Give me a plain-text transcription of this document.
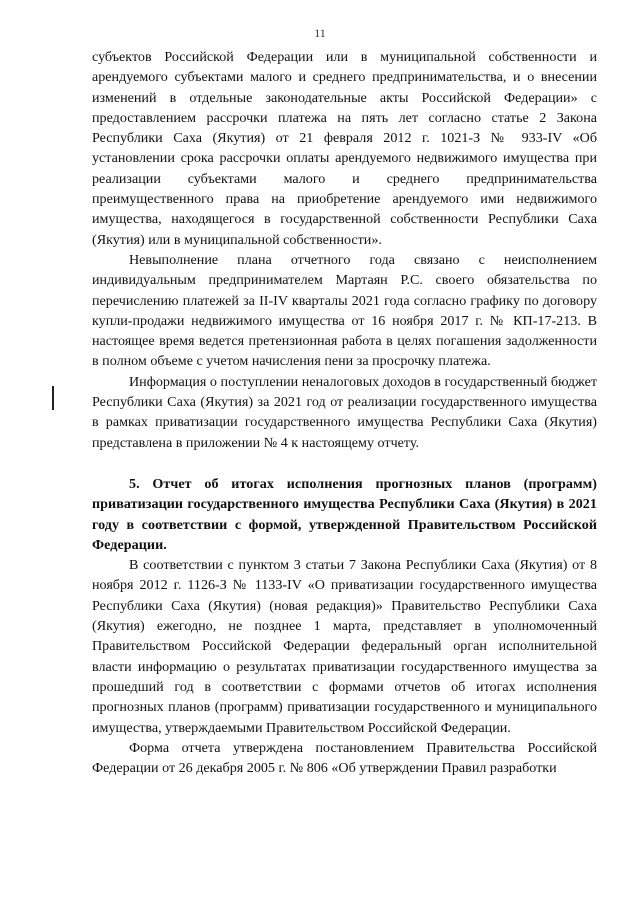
11

субъектов Российской Федерации или в муниципальной собственности и арендуемого субъектами малого и среднего предпринимательства, и о внесении изменений в отдельные законодательные акты Российской Федерации» с предоставлением рассрочки платежа на пять лет согласно статье 2 Закона Республики Саха (Якутия) от 21 февраля 2012 г. 1021-З № 933-IV «Об установлении срока рассрочки оплаты арендуемого недвижимого имущества при реализации субъектами малого и среднего предпринимательства преимущественного права на приобретение арендуемого ими недвижимого имущества, находящегося в государственной собственности Республики Саха (Якутия) или в муниципальной собственности».

Невыполнение плана отчетного года связано с неисполнением индивидуальным предпринимателем Мартаян Р.С. своего обязательства по перечислению платежей за II-IV кварталы 2021 года согласно графику по договору купли-продажи недвижимого имущества от 16 ноября 2017 г. № КП-17-213. В настоящее время ведется претензионная работа в целях погашения задолженности в полном объеме с учетом начисления пени за просрочку платежа.

Информация о поступлении неналоговых доходов в государственный бюджет Республики Саха (Якутия) за 2021 год от реализации государственного имущества в рамках приватизации государственного имущества Республики Саха (Якутия) представлена в приложении № 4 к настоящему отчету.

5. Отчет об итогах исполнения прогнозных планов (программ) приватизации государственного имущества Республики Саха (Якутия) в 2021 году в соответствии с формой, утвержденной Правительством Российской Федерации.

В соответствии с пунктом 3 статьи 7 Закона Республики Саха (Якутия) от 8 ноября 2012 г. 1126-З № 1133-IV «О приватизации государственного имущества Республики Саха (Якутия) (новая редакция)» Правительство Республики Саха (Якутия) ежегодно, не позднее 1 марта, представляет в уполномоченный Правительством Российской Федерации федеральный орган исполнительной власти информацию о результатах приватизации государственного имущества за прошедший год в соответствии с формами отчетов об итогах исполнения прогнозных планов (программ) приватизации государственного и муниципального имущества, утверждаемыми Правительством Российской Федерации.

Форма отчета утверждена постановлением Правительства Российской Федерации от 26 декабря 2005 г. № 806 «Об утверждении Правил разработки
